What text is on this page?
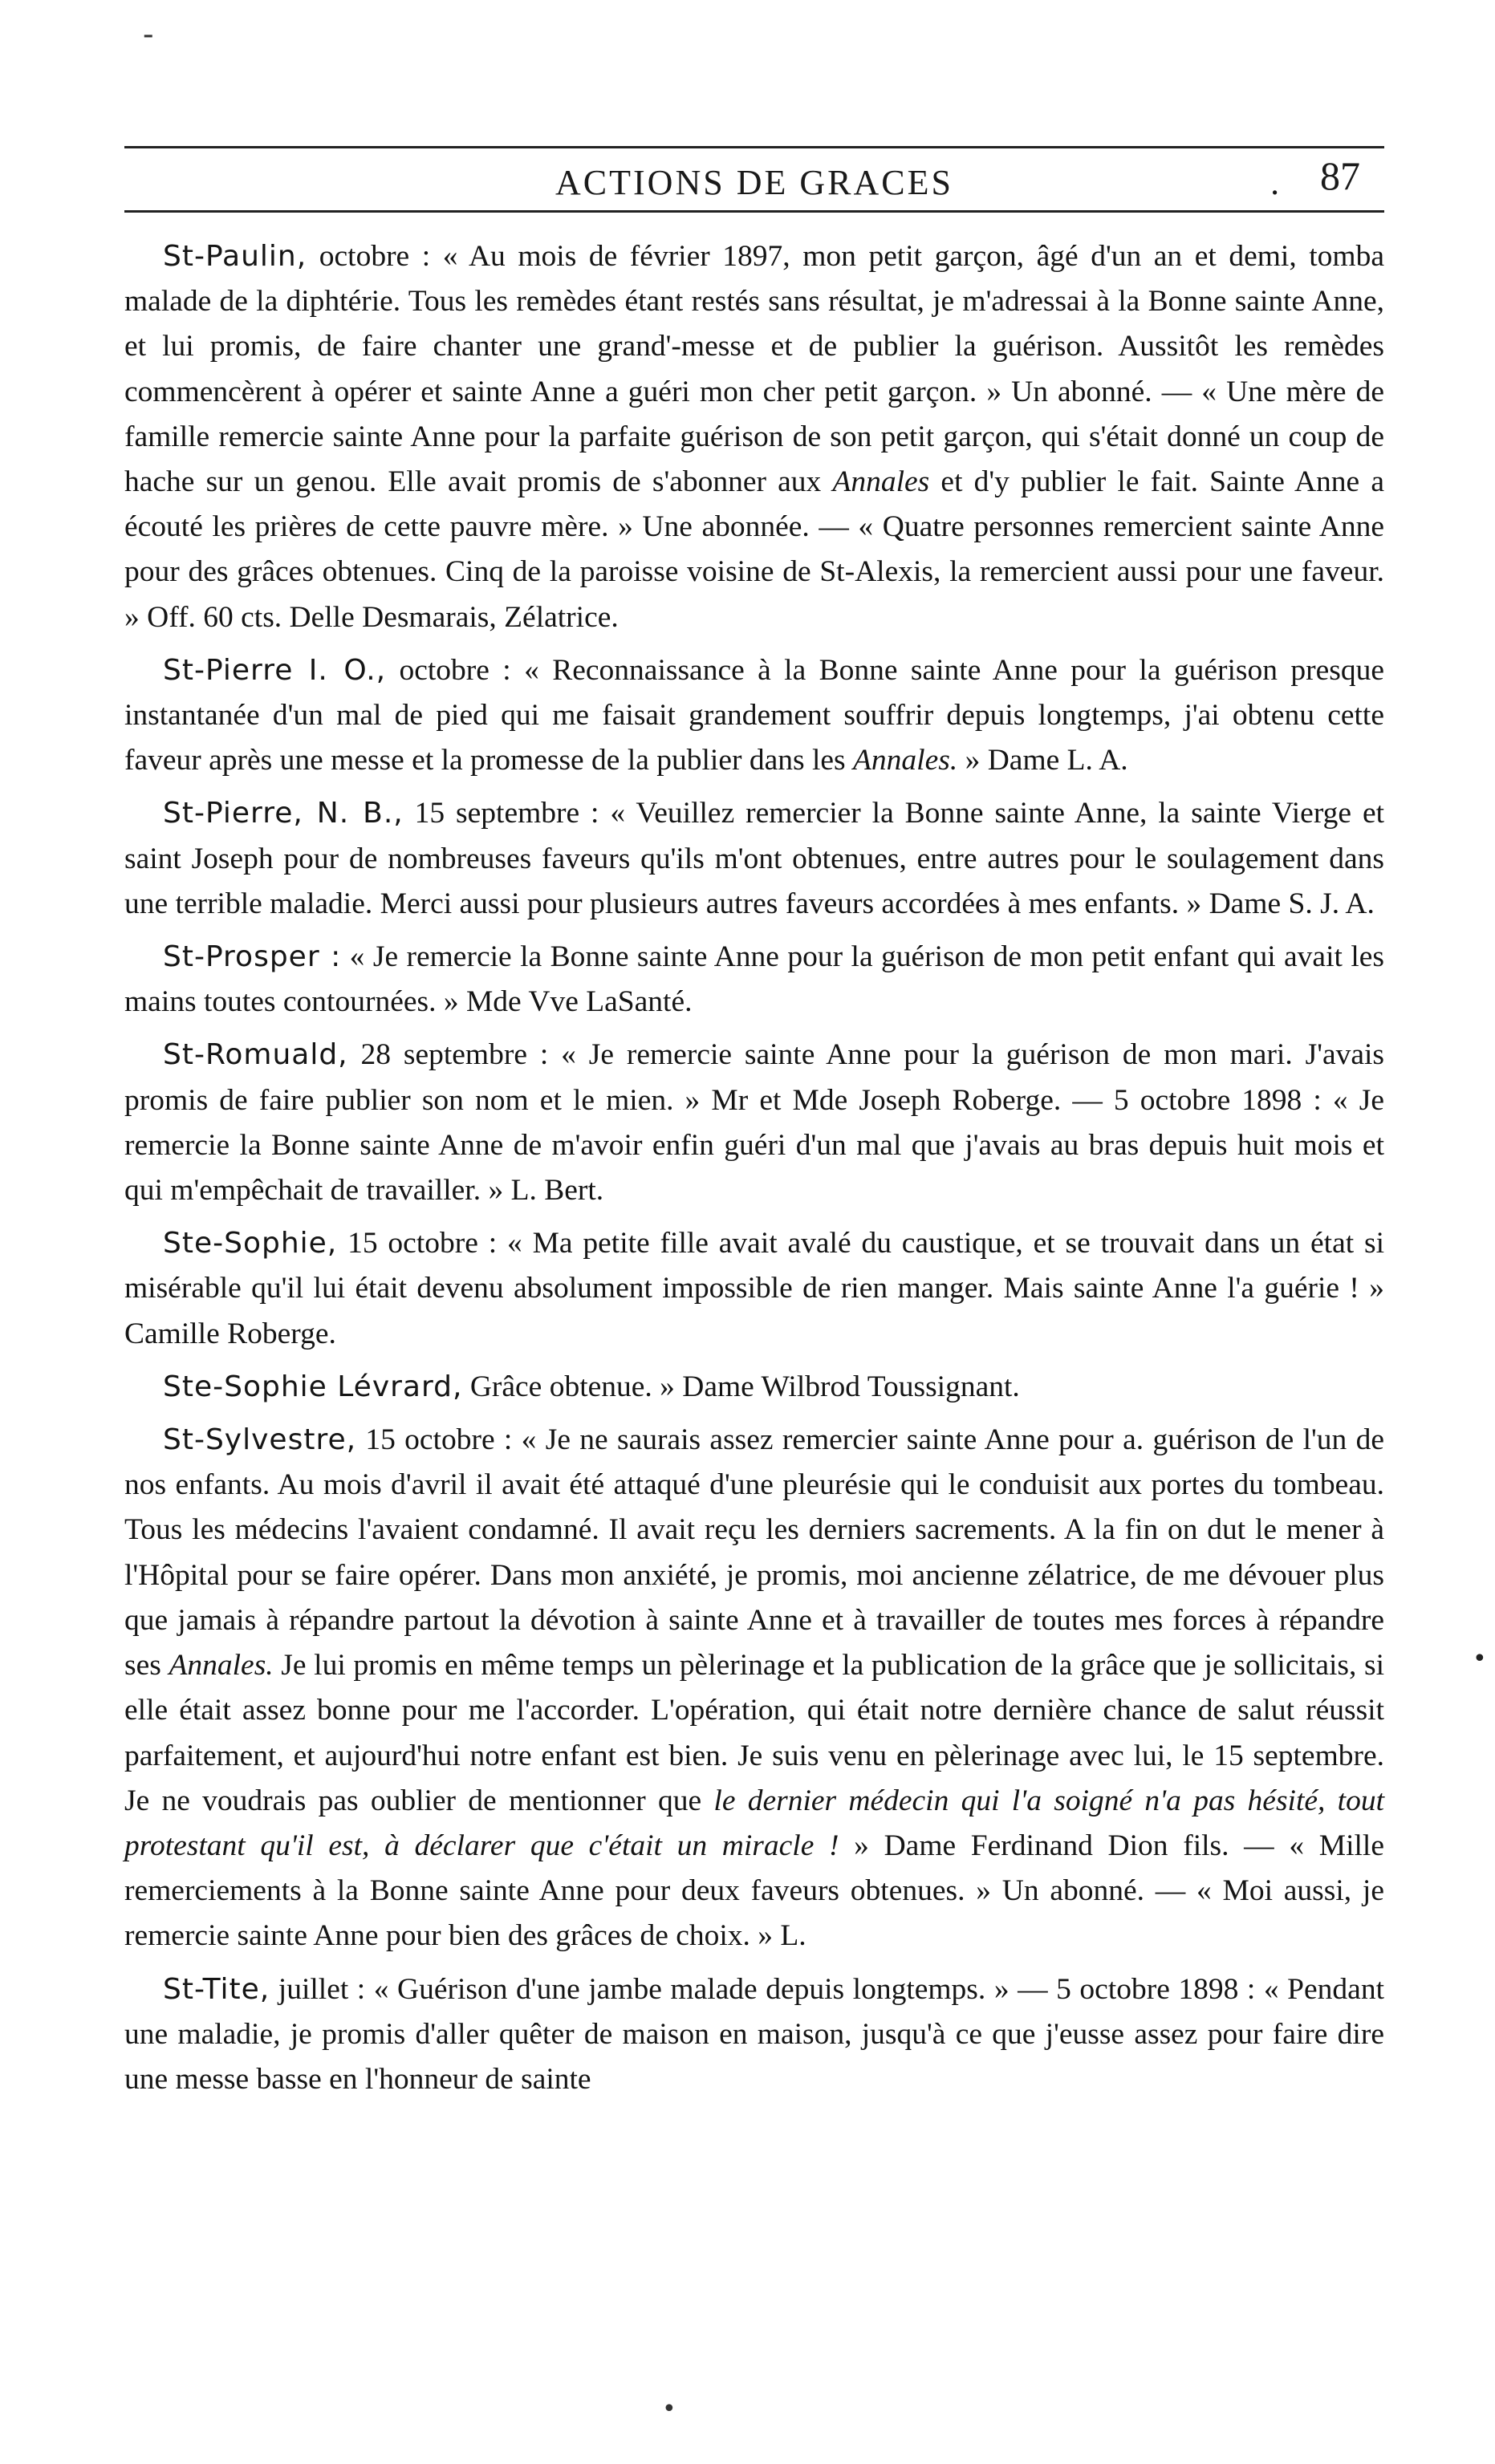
-
ACTIONS DE GRACES	. 87

St-Paulin, octobre : « Au mois de février 1897, mon petit garçon, âgé d'un an et demi, tomba malade de la diphtérie. Tous les remèdes étant restés sans résultat, je m'adressai à la Bonne sainte Anne, et lui promis, de faire chanter une grand'-messe et de publier la guérison. Aussitôt les remèdes commencèrent à opérer et sainte Anne a guéri mon cher petit garçon. » Un abonné. — « Une mère de famille remercie sainte Anne pour la parfaite guérison de son petit garçon, qui s'était donné un coup de hache sur un genou. Elle avait promis de s'abonner aux Annales et d'y publier le fait. Sainte Anne a écouté les prières de cette pauvre mère. » Une abonnée. — « Quatre personnes remercient sainte Anne pour des grâces obtenues. Cinq de la paroisse voisine de St-Alexis, la remercient aussi pour une faveur. » Off. 60 cts. Delle Desmarais, Zélatrice.

St-Pierre I. O., octobre : « Reconnaissance à la Bonne sainte Anne pour la guérison presque instantanée d'un mal de pied qui me faisait grandement souffrir depuis longtemps, j'ai obtenu cette faveur après une messe et la promesse de la publier dans les Annales. » Dame L. A.

St-Pierre, N. B., 15 septembre : « Veuillez remercier la Bonne sainte Anne, la sainte Vierge et saint Joseph pour de nombreuses faveurs qu'ils m'ont obtenues, entre autres pour le soulagement dans une terrible maladie. Merci aussi pour plusieurs autres faveurs accordées à mes enfants. » Dame S. J. A.

St-Prosper : « Je remercie la Bonne sainte Anne pour la guérison de mon petit enfant qui avait les mains toutes contournées. » Mde Vve LaSanté.

St-Romuald, 28 septembre : « Je remercie sainte Anne pour la guérison de mon mari. J'avais promis de faire publier son nom et le mien. » Mr et Mde Joseph Roberge. — 5 octobre 1898 : « Je remercie la Bonne sainte Anne de m'avoir enfin guéri d'un mal que j'avais au bras depuis huit mois et qui m'empêchait de travailler. » L. Bert.

Ste-Sophie, 15 octobre : « Ma petite fille avait avalé du caustique, et se trouvait dans un état si misérable qu'il lui était devenu absolument impossible de rien manger. Mais sainte Anne l'a guérie ! » Camille Roberge.

Ste-Sophie Lévrard, Grâce obtenue. » Dame Wilbrod Toussignant.

St-Sylvestre, 15 octobre : « Je ne saurais assez remercier sainte Anne pour a. guérison de l'un de nos enfants. Au mois d'avril il avait été attaqué d'une pleurésie qui le conduisit aux portes du tombeau. Tous les médecins l'avaient condamné. Il avait reçu les derniers sacrements. A la fin on dut le mener à l'Hôpital pour se faire opérer. Dans mon anxiété, je promis, moi ancienne zélatrice, de me dévouer plus que jamais à répandre partout la dévotion à sainte Anne et à travailler de toutes mes forces à répandre ses Annales. Je lui promis en même temps un pèlerinage et la publication de la grâce que je sollicitais, si elle était assez bonne pour me l'accorder. L'opération, qui était notre dernière chance de salut réussit parfaitement, et aujourd'hui notre enfant est bien. Je suis venu en pèlerinage avec lui, le 15 septembre. Je ne voudrais pas oublier de mentionner que le dernier médecin qui l'a soigné n'a pas hésité, tout protestant qu'il est, à déclarer que c'était un miracle ! » Dame Ferdinand Dion fils. — « Mille remerciements à la Bonne sainte Anne pour deux faveurs obtenues. » Un abonné. — « Moi aussi, je remercie sainte Anne pour bien des grâces de choix. » L.

St-Tite, juillet : « Guérison d'une jambe malade depuis longtemps. » — 5 octobre 1898 : « Pendant une maladie, je promis d'aller quêter de maison en maison, jusqu'à ce que j'eusse assez pour faire dire une messe basse en l'honneur de sainte

•
•
